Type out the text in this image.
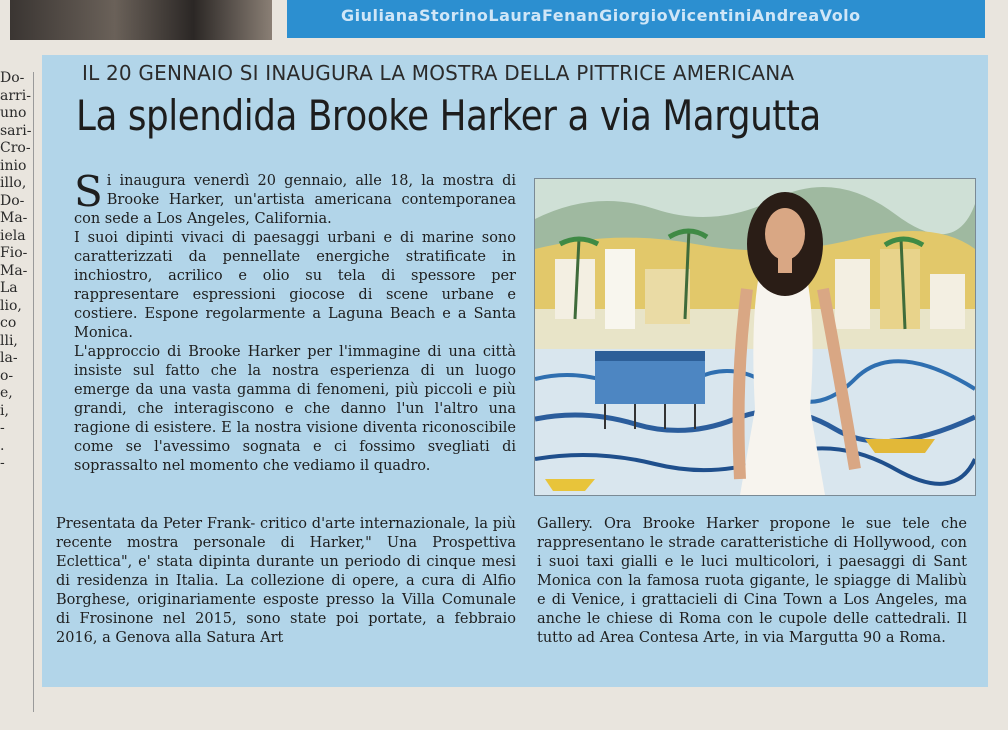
GiulianaStorinoLauraFenanGiorgioVicentiniAndreaVolo
Do-
arri-
uno
sari-
Cro-
inio
illo,
Do-
Ma-
iela
Fio-
Ma-
La
lio,
co
lli,
la-
o-
e,
i,
-
.
-
IL 20 GENNAIO SI INAUGURA LA MOSTRA DELLA PITTRICE AMERICANA
La splendida Brooke Harker a via Margutta

Si inaugura venerdì 20 gennaio, alle 18, la mostra di Brooke Harker, un'artista americana contemporanea con sede a Los Angeles, California.

I suoi dipinti vivaci di paesaggi urbani e di marine sono caratterizzati da pennellate energiche stratificate in inchiostro, acrilico e olio su tela di spessore per rappresentare espressioni giocose di scene urbane e costiere. Espone regolarmente a Laguna Beach e a Santa Monica.

L'approccio di Brooke Harker per l'immagine di una città insiste sul fatto che la nostra esperienza di un luogo emerge da una vasta gamma di fenomeni, più piccoli e più grandi, che interagiscono e che danno l'un l'altro una ragione di esistere. E la nostra visione diventa riconoscibile come se l'avessimo sognata e ci fossimo svegliati di soprassalto nel momento che vediamo il quadro.

Presentata da Peter Frank- critico d'arte internazionale, la più recente mostra personale di Harker," Una Prospettiva Eclettica", e' stata dipinta durante un periodo di cinque mesi di residenza in Italia. La collezione di opere, a cura di Alfio Borghese, originariamente esposte presso la Villa Comunale di Frosinone nel 2015, sono state poi portate, a febbraio 2016, a Genova alla Satura Art

Gallery. Ora Brooke Harker propone le sue tele che rappresentano le strade caratteristiche di Hollywood, con i suoi taxi gialli e le luci multicolori, i paesaggi di Sant Monica con la famosa ruota gigante, le spiagge di Malibù e di Venice, i grattacieli di Cina Town a Los Angeles, ma anche le chiese di Roma con le cupole delle cattedrali. Il tutto ad Area Contesa Arte, in via Margutta 90 a Roma.
